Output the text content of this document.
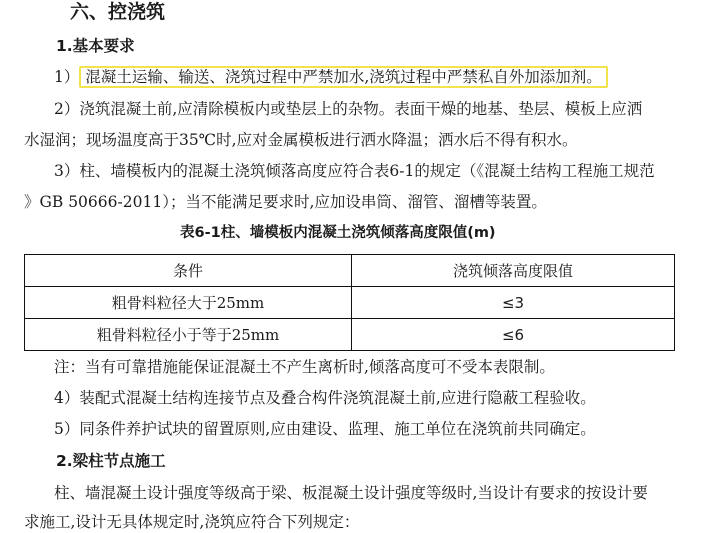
六、控浇筑
1.基本要求
1） 混凝土运输、输送、浇筑过程中严禁加水,浇筑过程中严禁私自外加添加剂。
2）浇筑混凝土前,应清除模板内或垫层上的杂物。表面干燥的地基、垫层、模板上应洒
水湿润；现场温度高于35℃时,应对金属模板进行洒水降温；洒水后不得有积水。
3）柱、墙模板内的混凝土浇筑倾落高度应符合表6-1的规定（《混凝土结构工程施工规范
》GB 50666-2011）；当不能满足要求时,应加设串筒、溜管、溜槽等装置。
表6-1柱、墙模板内混凝土浇筑倾落高度限值(m)
条件	浇筑倾落高度限值
粗骨料粒径大于25mm	≤3
粗骨料粒径小于等于25mm	≤6
注：当有可靠措施能保证混凝土不产生离析时,倾落高度可不受本表限制。
4）装配式混凝土结构连接节点及叠合构件浇筑混凝土前,应进行隐蔽工程验收。
5）同条件养护试块的留置原则,应由建设、监理、施工单位在浇筑前共同确定。
2.梁柱节点施工
柱、墙混凝土设计强度等级高于梁、板混凝土设计强度等级时,当设计有要求的按设计要
求施工,设计无具体规定时,浇筑应符合下列规定：
